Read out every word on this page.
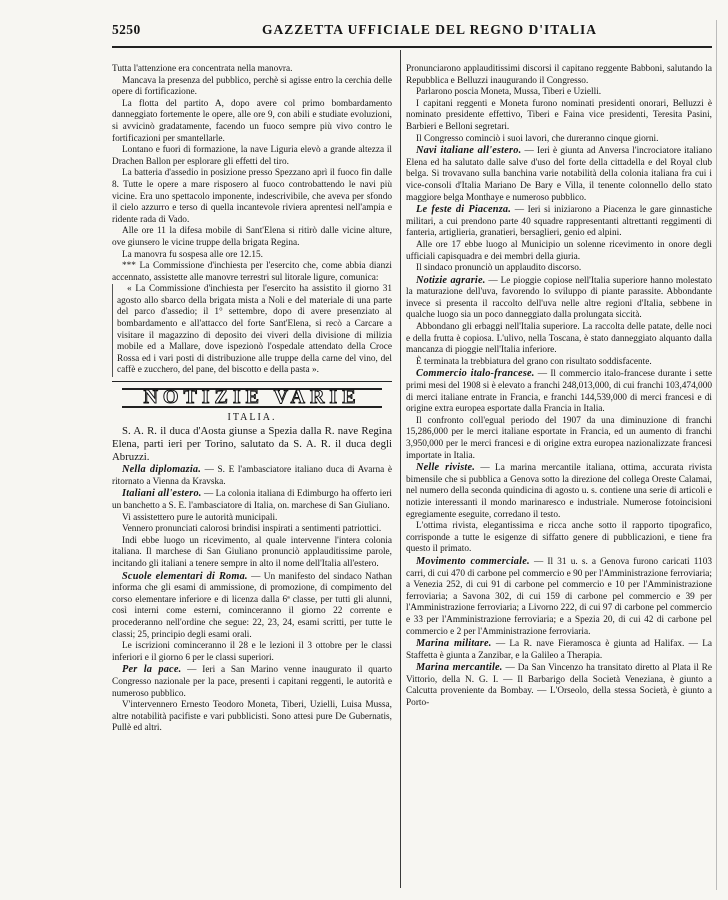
5250	GAZZETTA UFFICIALE DEL REGNO D'ITALIA

Tutta l'attenzione era concentrata nella manovra.

Mancava la presenza del pubblico, perchè si agisse entro la cerchia delle opere di fortificazione.

La flotta del partito A, dopo avere col primo bombardamento danneggiato fortemente le opere, alle ore 9, con abili e studiate evoluzioni, si avvicinò gradatamente, facendo un fuoco sempre più vivo contro le fortificazioni per smantellarle.

Lontano e fuori di formazione, la nave Liguria elevò a grande altezza il Drachen Ballon per esplorare gli effetti del tiro.

La batteria d'assedio in posizione presso Spezzano aprì il fuoco fin dalle 8. Tutte le opere a mare risposero al fuoco controbattendo le navi più vicine. Era uno spettacolo imponente, indescrivibile, che aveva per sfondo il cielo azzurro e terso di quella incantevole riviera aprentesi nell'ampia e ridente rada di Vado.

Alle ore 11 la difesa mobile di Sant'Elena si ritirò dalle vicine alture, ove giunsero le vicine truppe della brigata Regina.

La manovra fu sospesa alle ore 12.15.

*** La Commissione d'inchiesta per l'esercito che, come abbia dianzi accennato, assistette alle manovre terrestri sul litorale ligure, comunica:

« La Commissione d'inchiesta per l'esercito ha assistito il giorno 31 agosto allo sbarco della brigata mista a Noli e del materiale di una parte del parco d'assedio; il 1° settembre, dopo di avere presenziato al bombardamento e all'attacco del forte Sant'Elena, si recò a Carcare a visitare il magazzino di deposito dei viveri della divisione di milizia mobile ed a Mallare, dove ispezionò l'ospedale attendato della Croce Rossa ed i vari posti di distribuzione alle truppe della carne del vino, del caffè e zucchero, del pane, del biscotto e della pasta ».

NOTIZIE VARIE
ITALIA.

S. A. R. il duca d'Aosta giunse a Spezia dalla R. nave Regina Elena, parti ieri per Torino, salutato da S. A. R. il duca degli Abruzzi.

Nella diplomazia. — S. E l'ambasciatore italiano duca di Avarna è ritornato a Vienna da Kravska.

Italiani all'estero. — La colonia italiana di Edimburgo ha offerto ieri un banchetto a S. E. l'ambasciatore di Italia, on. marchese di San Giuliano.

Vi assistettero pure le autorità municipali.

Vennero pronunciati calorosi brindisi inspirati a sentimenti patriottici.

Indi ebbe luogo un ricevimento, al quale intervenne l'intera colonia italiana. Il marchese di San Giuliano pronunciò applauditissime parole, incitando gli italiani a tenere sempre in alto il nome dell'Italia all'estero.

Scuole elementari di Roma. — Un manifesto del sindaco Nathan informa che gli esami di ammissione, di promozione, di compimento del corso elementare inferiore e di licenza dalla 6ª classe, per tutti gli alunni, così interni come esterni, cominceranno il giorno 22 corrente e procederanno nell'ordine che segue: 22, 23, 24, esami scritti, per tutte le classi; 25, principio degli esami orali.

Le iscrizioni cominceranno il 28 e le lezioni il 3 ottobre per le classi inferiori e il giorno 6 per le classi superiori.

Per la pace. — Ieri a San Marino venne inaugurato il quarto Congresso nazionale per la pace, presenti i capitani reggenti, le autorità e numeroso pubblico.

V'intervennero Ernesto Teodoro Moneta, Tiberi, Uzielli, Luisa Mussa, altre notabilità pacifiste e vari pubblicisti. Sono attesi pure De Gubernatis, Pullè ed altri.

Pronunciarono applauditissimi discorsi il capitano reggente Babboni, salutando la Repubblica e Belluzzi inaugurando il Congresso.

Parlarono poscia Moneta, Mussa, Tiberi e Uzielli.

I capitani reggenti e Moneta furono nominati presidenti onorari, Belluzzi è nominato presidente effettivo, Tiberi e Faina vice presidenti, Teresita Pasini, Barbieri e Belloni segretari.

Il Congresso cominciò i suoi lavori, che dureranno cinque giorni.

Navi italiane all'estero. — Ieri è giunta ad Anversa l'incrociatore italiano Elena ed ha salutato dalle salve d'uso del forte della cittadella e del Royal club belga. Si trovavano sulla banchina varie notabilità della colonia italiana fra cui i vice-consoli d'Italia Mariano De Bary e Villa, il tenente colonnello dello stato maggiore belga Monthaye e numeroso pubblico.

Le feste di Piacenza. — Ieri si iniziarono a Piacenza le gare ginnastiche militari, a cui prendono parte 40 squadre rappresentanti altrettanti reggimenti di fanteria, artiglieria, granatieri, bersaglieri, genio ed alpini.

Alle ore 17 ebbe luogo al Municipio un solenne ricevimento in onore degli ufficiali capisquadra e dei membri della giuria.

Il sindaco pronunciò un applaudito discorso.

Notizie agrarie. — Le pioggie copiose nell'Italia superiore hanno molestato la maturazione dell'uva, favorendo lo sviluppo di piante parassite. Abbondante invece si presenta il raccolto dell'uva nelle altre regioni d'Italia, sebbene in qualche luogo sia un poco danneggiato dalla prolungata siccità.

Abbondano gli erbaggi nell'Italia superiore. La raccolta delle patate, delle noci e della frutta è copiosa. L'ulivo, nella Toscana, è stato danneggiato alquanto dalla mancanza di pioggie nell'Italia inferiore.

È terminata la trebbiatura del grano con risultato soddisfacente.

Commercio italo-francese. — Il commercio italo-francese durante i sette primi mesi del 1908 si è elevato a franchi 248,013,000, di cui franchi 103,474,000 di merci italiane entrate in Francia, e franchi 144,539,000 di merci francesi e di origine extra europea esportate dalla Francia in Italia.

Il confronto coll'egual periodo del 1907 da una diminuzione di franchi 15,286,000 per le merci italiane esportate in Francia, ed un aumento di franchi 3,950,000 per le merci francesi e di origine extra europea nazionalizzate francesi importate in Italia.

Nelle riviste. — La marina mercantile italiana, ottima, accurata rivista bimensile che si pubblica a Genova sotto la direzione del collega Oreste Calamai, nel numero della seconda quindicina di agosto u. s. contiene una serie di articoli e notizie interessanti il mondo marinaresco e industriale. Numerose fotoincisioni egregiamente eseguite, corredano il testo.

L'ottima rivista, elegantissima e ricca anche sotto il rapporto tipografico, corrisponde a tutte le esigenze di siffatto genere di pubblicazioni, e tiene fra questo il primato.

Movimento commerciale. — Il 31 u. s. a Genova furono caricati 1103 carri, di cui 470 di carbone pel commercio e 90 per l'Amministrazione ferroviaria; a Venezia 252, di cui 91 di carbone pel commercio e 10 per l'Amministrazione ferroviaria; a Savona 302, di cui 159 di carbone pel commercio e 39 per l'Amministrazione ferroviaria; a Livorno 222, di cui 97 di carbone pel commercio e 33 per l'Amministrazione ferroviaria; e a Spezia 20, di cui 42 di carbone pel commercio e 2 per l'Amministrazione ferroviaria.

Marina militare. — La R. nave Fieramosca è giunta ad Halifax. — La Staffetta è giunta a Zanzibar, e la Galileo a Therapia.

Marina mercantile. — Da San Vincenzo ha transitato diretto al Plata il Re Vittorio, della N. G. I. — Il Barbarigo della Società Veneziana, è giunto a Calcutta proveniente da Bombay. — L'Orseolo, della stessa Società, è giunto a Porto-
